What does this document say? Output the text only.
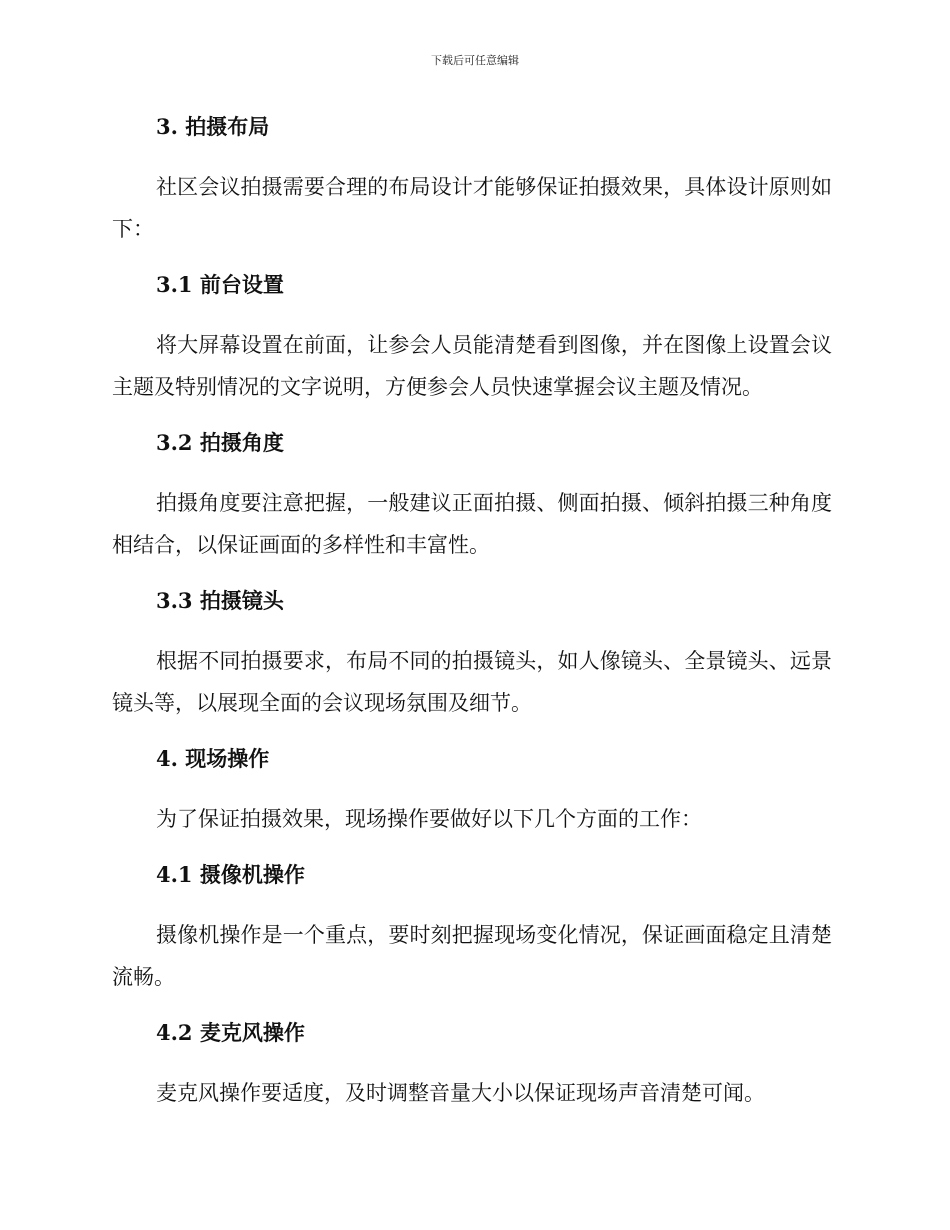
下载后可任意编辑
3. 拍摄布局

社区会议拍摄需要合理的布局设计才能够保证拍摄效果，具体设计原则如下：

3.1 前台设置

将大屏幕设置在前面，让参会人员能清楚看到图像，并在图像上设置会议主题及特别情况的文字说明，方便参会人员快速掌握会议主题及情况。

3.2 拍摄角度

拍摄角度要注意把握，一般建议正面拍摄、侧面拍摄、倾斜拍摄三种角度相结合，以保证画面的多样性和丰富性。

3.3 拍摄镜头

根据不同拍摄要求，布局不同的拍摄镜头，如人像镜头、全景镜头、远景镜头等，以展现全面的会议现场氛围及细节。

4. 现场操作

为了保证拍摄效果，现场操作要做好以下几个方面的工作：

4.1 摄像机操作

摄像机操作是一个重点，要时刻把握现场变化情况，保证画面稳定且清楚流畅。

4.2 麦克风操作

麦克风操作要适度，及时调整音量大小以保证现场声音清楚可闻。
